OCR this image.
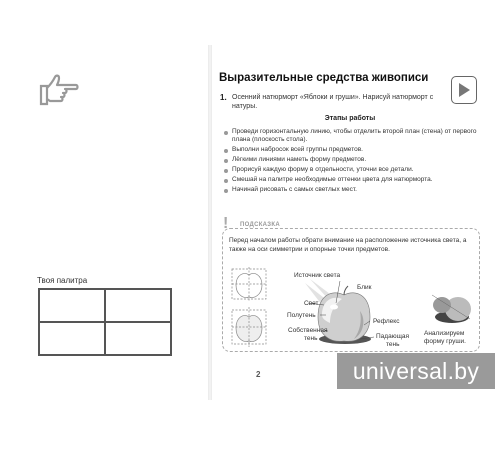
Твоя палитра
Выразительные средства живописи
1. Осенний натюрморт «Яблоки и груши». Нарисуй натюрморт с натуры.
Этапы работы
Проведи горизонтальную линию, чтобы отделить второй план (стена) от первого плана (плоскость стола).
Выполни набросок всей группы предметов.
Лёгкими линиями наметь форму предметов.
Прорисуй каждую форму в отдельности, уточни все детали.
Смешай на палитре необходимые оттенки цвета для натюрморта.
Начинай рисовать с самых светлых мест.
!	ПОДСКАЗКА
Перед началом работы обрати внимание на расположение источника света, а также на оси симметрии и опорные точки предметов.
Источник света
Блик
Свет
Полутень
Рефлекс
Собственная
тень	Падающая
тень
Анализируем
форму груши.
2	universal.by
